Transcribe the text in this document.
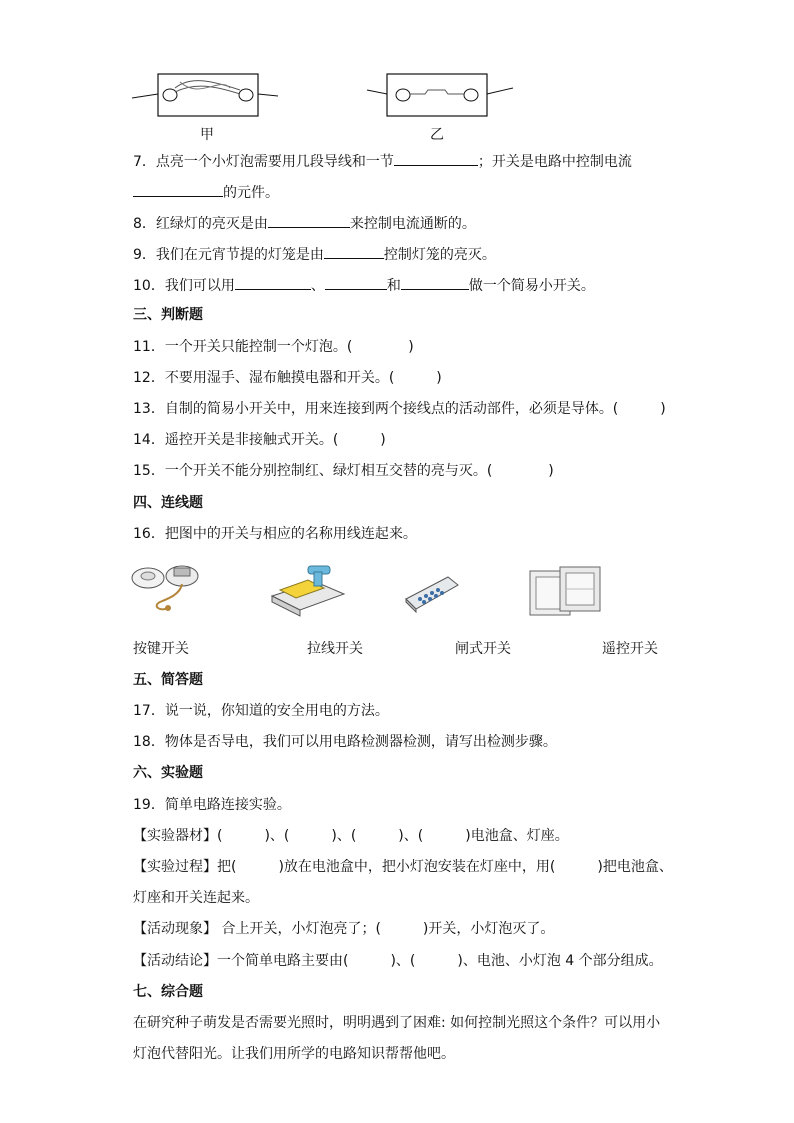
甲	乙
7．点亮一个小灯泡需要用几段导线和一节	；开关是电路中控制电流
的元件。
8．红绿灯的亮灭是由	来控制电流通断的。
9．我们在元宵节提的灯笼是由	控制灯笼的亮灭。
10．我们可以用	、	和	做一个简易小开关。
三、判断题
11．一个开关只能控制一个灯泡。(　　　　)
12．不要用湿手、湿布触摸电器和开关。(　　　)
13．自制的简易小开关中，用来连接到两个接线点的活动部件，必须是导体。(　　　)
14．遥控开关是非接触式开关。(　　　)
15．一个开关不能分别控制红、绿灯相互交替的亮与灭。(　　　　)
四、连线题
16．把图中的开关与相应的名称用线连起来。
按键开关	拉线开关	闸式开关	遥控开关
五、简答题
17．说一说，你知道的安全用电的方法。
18．物体是否导电，我们可以用电路检测器检测，请写出检测步骤。
六、实验题
19．简单电路连接实验。
【实验器材】(　　　)、(　　　)、(　　　)、(　　　)电池盒、灯座。
【实验过程】把(　　　)放在电池盒中，把小灯泡安装在灯座中，用(　　　)把电池盒、
灯座和开关连起来。
【活动现象】 合上开关，小灯泡亮了；(　　　)开关，小灯泡灭了。
【活动结论】一个简单电路主要由(　　　)、(　　　)、电池、小灯泡 4 个部分组成。
七、综合题
在研究种子萌发是否需要光照时，明明遇到了困难: 如何控制光照这个条件？可以用小
灯泡代替阳光。让我们用所学的电路知识帮帮他吧。
